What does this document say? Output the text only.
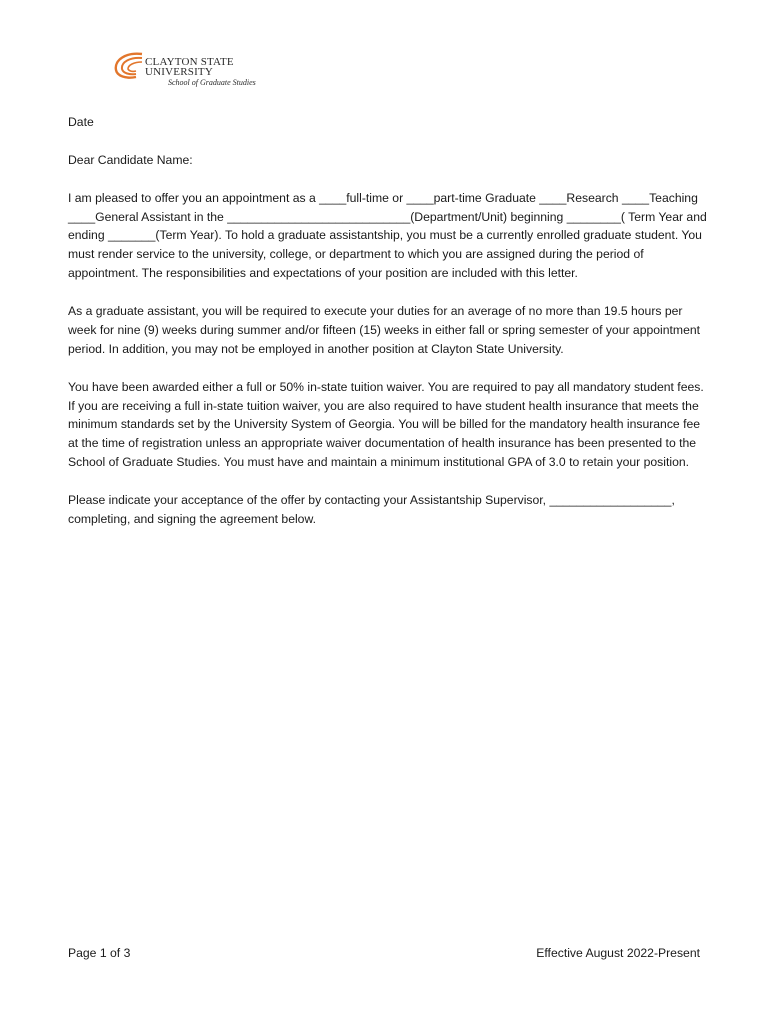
CLAYTON STATE
UNIVERSITY
School of Graduate Studies

Date

Dear Candidate Name:

I am pleased to offer you an appointment as a ____full-time or ____part-time Graduate ____Research ____Teaching ____General Assistant in the ___________________________(Department/Unit) beginning ________( Term Year and ending _______(Term Year). To hold a graduate assistantship, you must be a currently enrolled graduate student. You must render service to the university, college, or department to which you are assigned during the period of appointment. The responsibilities and expectations of your position are included with this letter.

As a graduate assistant, you will be required to execute your duties for an average of no more than 19.5 hours per week for nine (9) weeks during summer and/or fifteen (15) weeks in either fall or spring semester of your appointment period. In addition, you may not be employed in another position at Clayton State University.

You have been awarded either a full or 50% in-state tuition waiver. You are required to pay all mandatory student fees. If you are receiving a full in-state tuition waiver, you are also required to have student health insurance that meets the minimum standards set by the University System of Georgia. You will be billed for the mandatory health insurance fee at the time of registration unless an appropriate waiver documentation of health insurance has been presented to the School of Graduate Studies. You must have and maintain a minimum institutional GPA of 3.0 to retain your position.

Please indicate your acceptance of the offer by contacting your Assistantship Supervisor, __________________, completing, and signing the agreement below.

Page 1 of 3	Effective August 2022-Present
